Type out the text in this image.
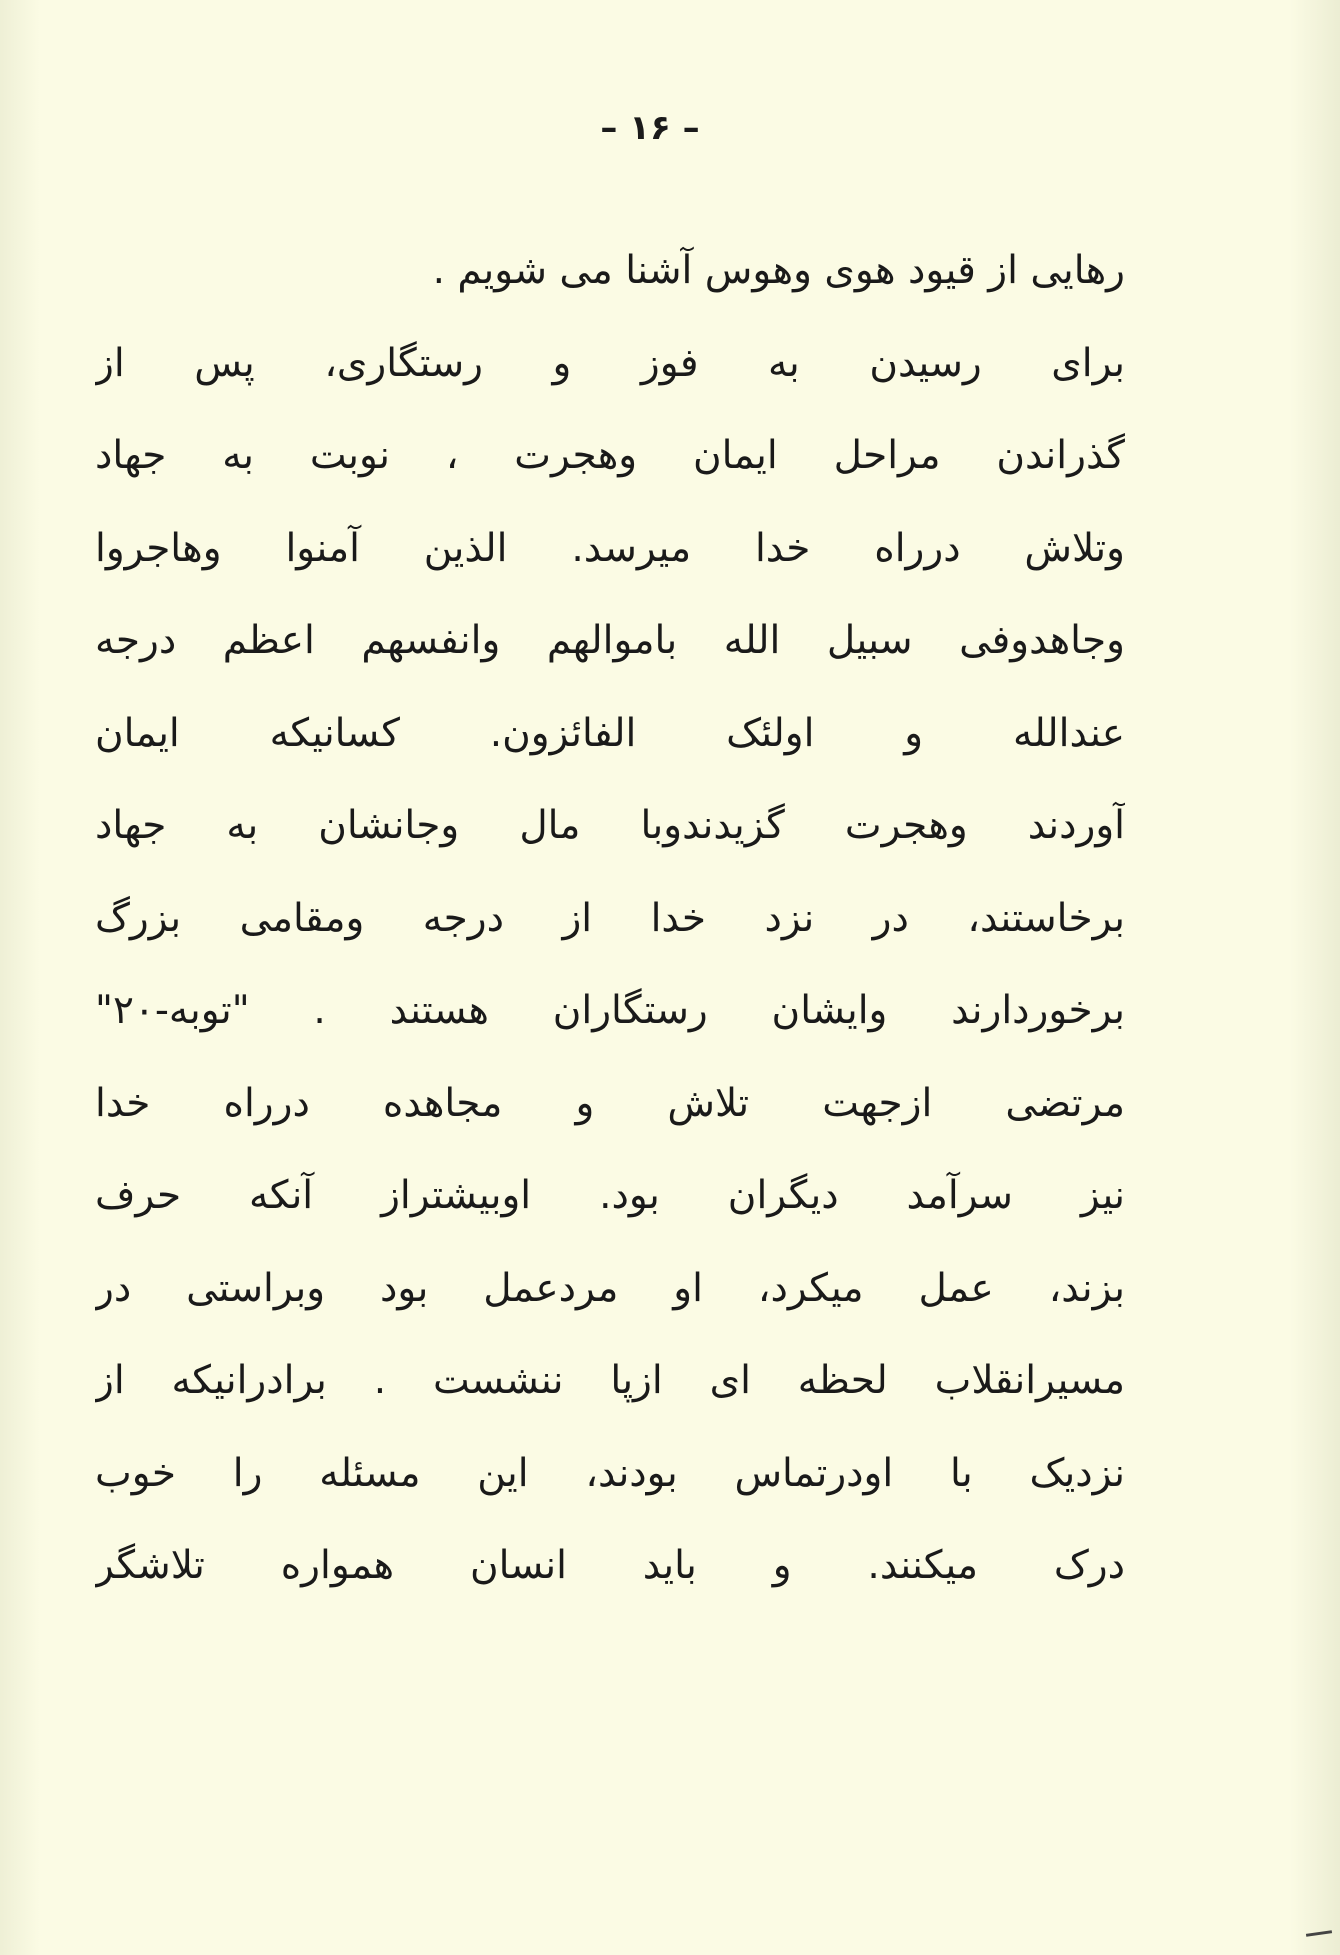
– ۱۶ –
رهایی از قیود هوی وهوس آشنا می شویم .
برای رسیدن به فوز و رستگاری، پس از
گذراندن مراحل ایمان وهجرت ، نوبت به جهاد
وتلاش درراه خدا میرسد. الذین آمنوا وهاجروا
وجاهدوفی سبیل الله باموالهم وانفسهم اعظم درجه
عندالله و اولئک الفائزون. کسانیکه ایمان
آوردند وهجرت گزیدندوبا مال وجانشان به جهاد
برخاستند، در نزد خدا از درجه ومقامی بزرگ
برخوردارند وایشان رستگاران هستند . "توبه-۲۰"
مرتضی ازجهت تلاش و مجاهده درراه خدا
نیز سرآمد دیگران بود. اوبیشتراز آنکه حرف
بزند، عمل میکرد، او مردعمل بود وبراستی در
مسیرانقلاب لحظه ای ازپا ننشست . برادرانیکه از
نزدیک با اودرتماس بودند، این مسئله را خوب
درک میکنند. و باید انسان همواره تلاشگر
